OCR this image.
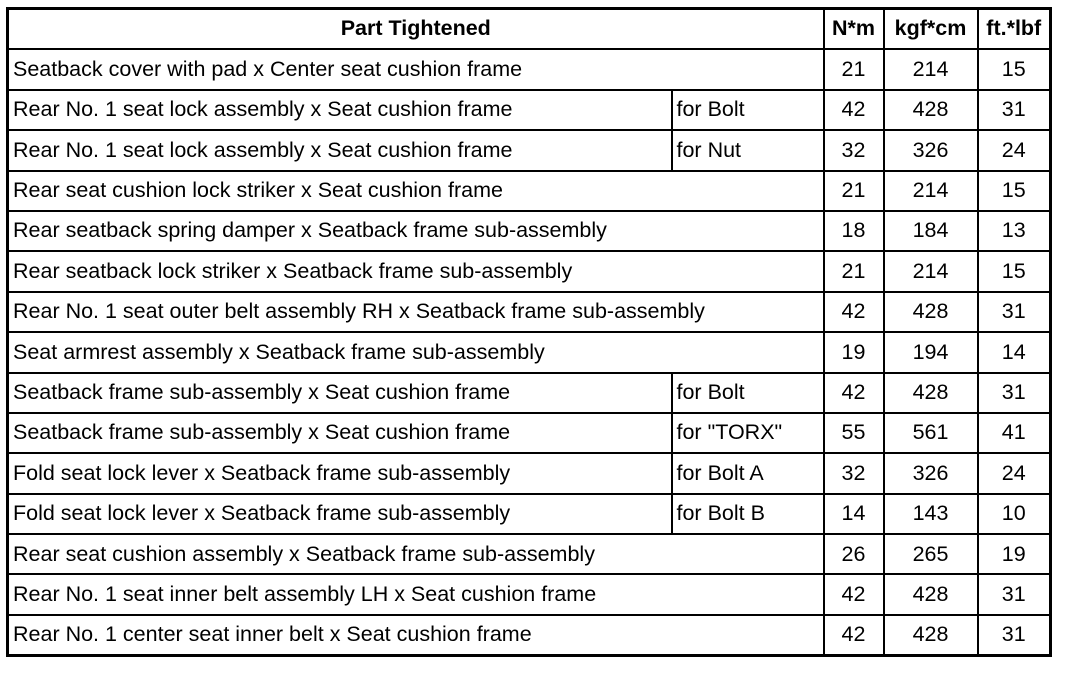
Part Tightened		N*m	kgf*cm	ft.*lbf
Seatback cover with pad x Center seat cushion frame		21	214	15
Rear No. 1 seat lock assembly x Seat cushion frame	for Bolt	42	428	31
Rear No. 1 seat lock assembly x Seat cushion frame	for Nut	32	326	24
Rear seat cushion lock striker x Seat cushion frame		21	214	15
Rear seatback spring damper x Seatback frame sub-assembly		18	184	13
Rear seatback lock striker x Seatback frame sub-assembly		21	214	15
Rear No. 1 seat outer belt assembly RH x Seatback frame sub-assembly		42	428	31
Seat armrest assembly x Seatback frame sub-assembly		19	194	14
Seatback frame sub-assembly x Seat cushion frame	for Bolt	42	428	31
Seatback frame sub-assembly x Seat cushion frame	for "TORX"	55	561	41
Fold seat lock lever x Seatback frame sub-assembly	for Bolt A	32	326	24
Fold seat lock lever x Seatback frame sub-assembly	for Bolt B	14	143	10
Rear seat cushion assembly x Seatback frame sub-assembly		26	265	19
Rear No. 1 seat inner belt assembly LH x Seat cushion frame		42	428	31
Rear No. 1 center seat inner belt x Seat cushion frame		42	428	31
